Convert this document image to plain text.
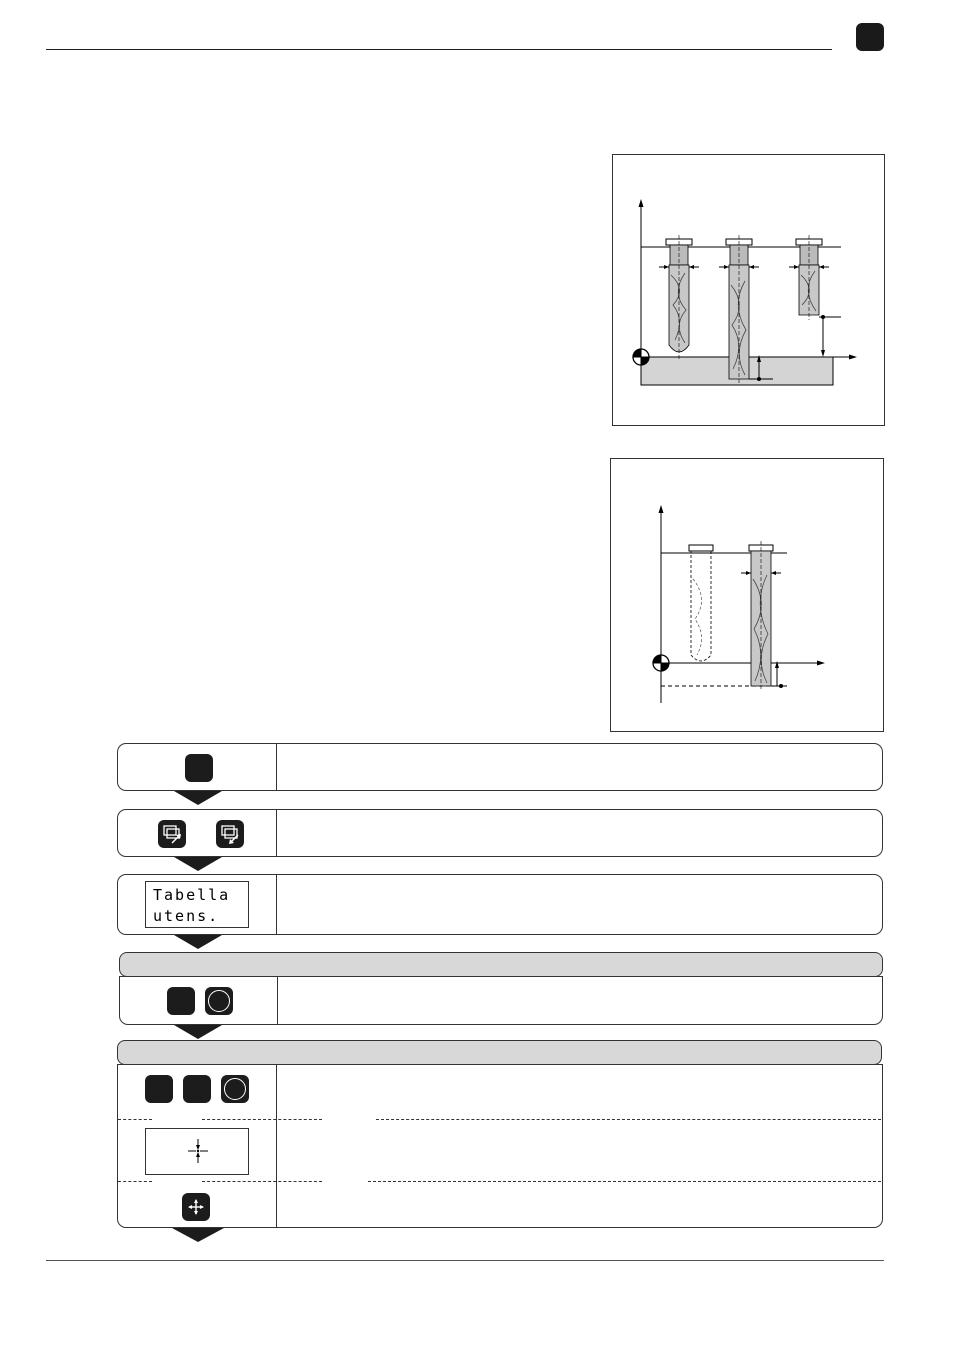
Tabella
utens.
